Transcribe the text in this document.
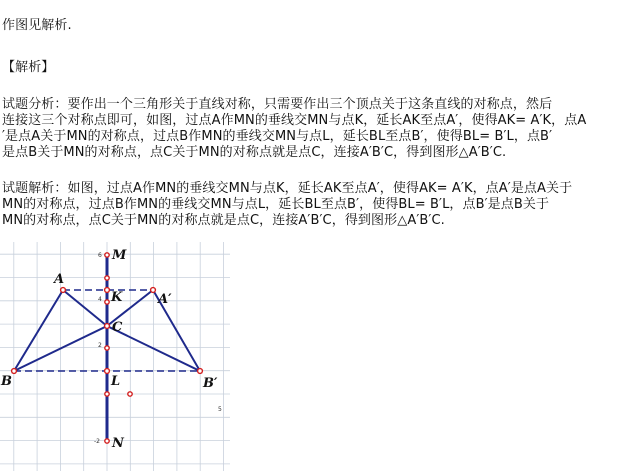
作图见解析.
【解析】
试题分析：要作出一个三角形关于直线对称，只需要作出三个顶点关于这条直线的对称点，然后
连接这三个对称点即可，如图，过点A作MN的垂线交MN与点K，延长AK至点A′，使得AK= A′K，点A
′是点A关于MN的对称点，过点B作MN的垂线交MN与点L，延长BL至点B′，使得BL= B′L，点B′
是点B关于MN的对称点，点C关于MN的对称点就是点C，连接A′B′C，得到图形△A′B′C.
试题解析：如图，过点A作MN的垂线交MN与点K，延长AK至点A′，使得AK= A′K，点A′是点A关于
MN的对称点，过点B作MN的垂线交MN与点L，延长BL至点B′，使得BL= B′L，点B′是点B关于
MN的对称点，点C关于MN的对称点就是点C，连接A′B′C，得到图形△A′B′C.
6
4
2
-2
5
M
A
A′
K
C
B	B′
L
N
